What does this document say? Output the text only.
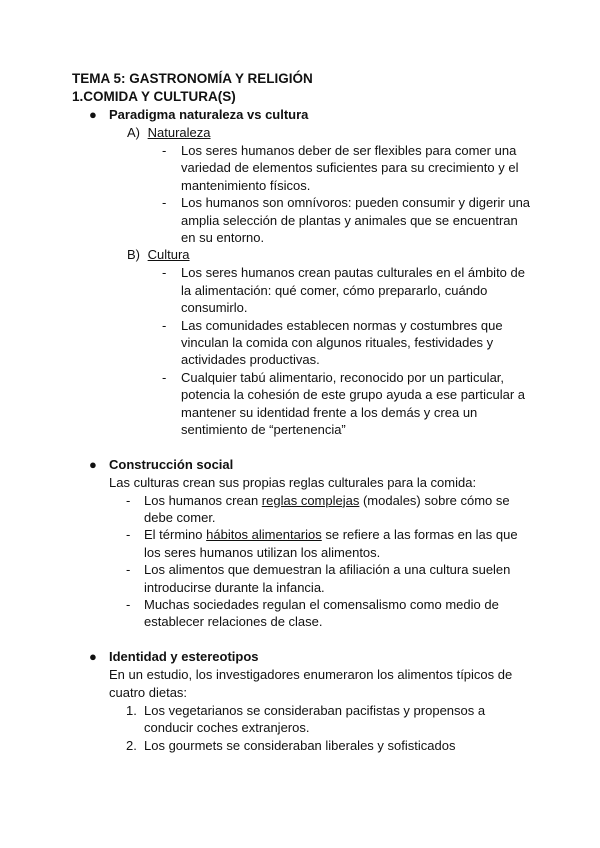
TEMA 5: GASTRONOMÍA Y RELIGIÓN
1.COMIDA Y CULTURA(S)
● Paradigma naturaleza vs cultura
A) Naturaleza
-	Los seres humanos deber de ser flexibles para comer una variedad de elementos suficientes para su crecimiento y el mantenimiento físicos.
-	Los humanos son omnívoros: pueden consumir y digerir una amplia selección de plantas y animales que se encuentran en su entorno.
B) Cultura
-	Los seres humanos crean pautas culturales en el ámbito de la alimentación: qué comer, cómo prepararlo, cuándo consumirlo.
-	Las comunidades establecen normas y costumbres que vinculan la comida con algunos rituales, festividades y actividades productivas.
-	Cualquier tabú alimentario, reconocido por un particular, potencia la cohesión de este grupo ayuda a ese particular a mantener su identidad frente a los demás y crea un sentimiento de “pertenencia”
● Construcción social
Las culturas crean sus propias reglas culturales para la comida:
-	Los humanos crean reglas complejas (modales) sobre cómo se debe comer.
-	El término hábitos alimentarios se refiere a las formas en las que los seres humanos utilizan los alimentos.
-	Los alimentos que demuestran la afiliación a una cultura suelen introducirse durante la infancia.
-	Muchas sociedades regulan el comensalismo como medio de establecer relaciones de clase.
● Identidad y estereotipos
En un estudio, los investigadores enumeraron los alimentos típicos de cuatro dietas:
1. Los vegetarianos se consideraban pacifistas y propensos a conducir coches extranjeros.
2. Los gourmets se consideraban liberales y sofisticados
